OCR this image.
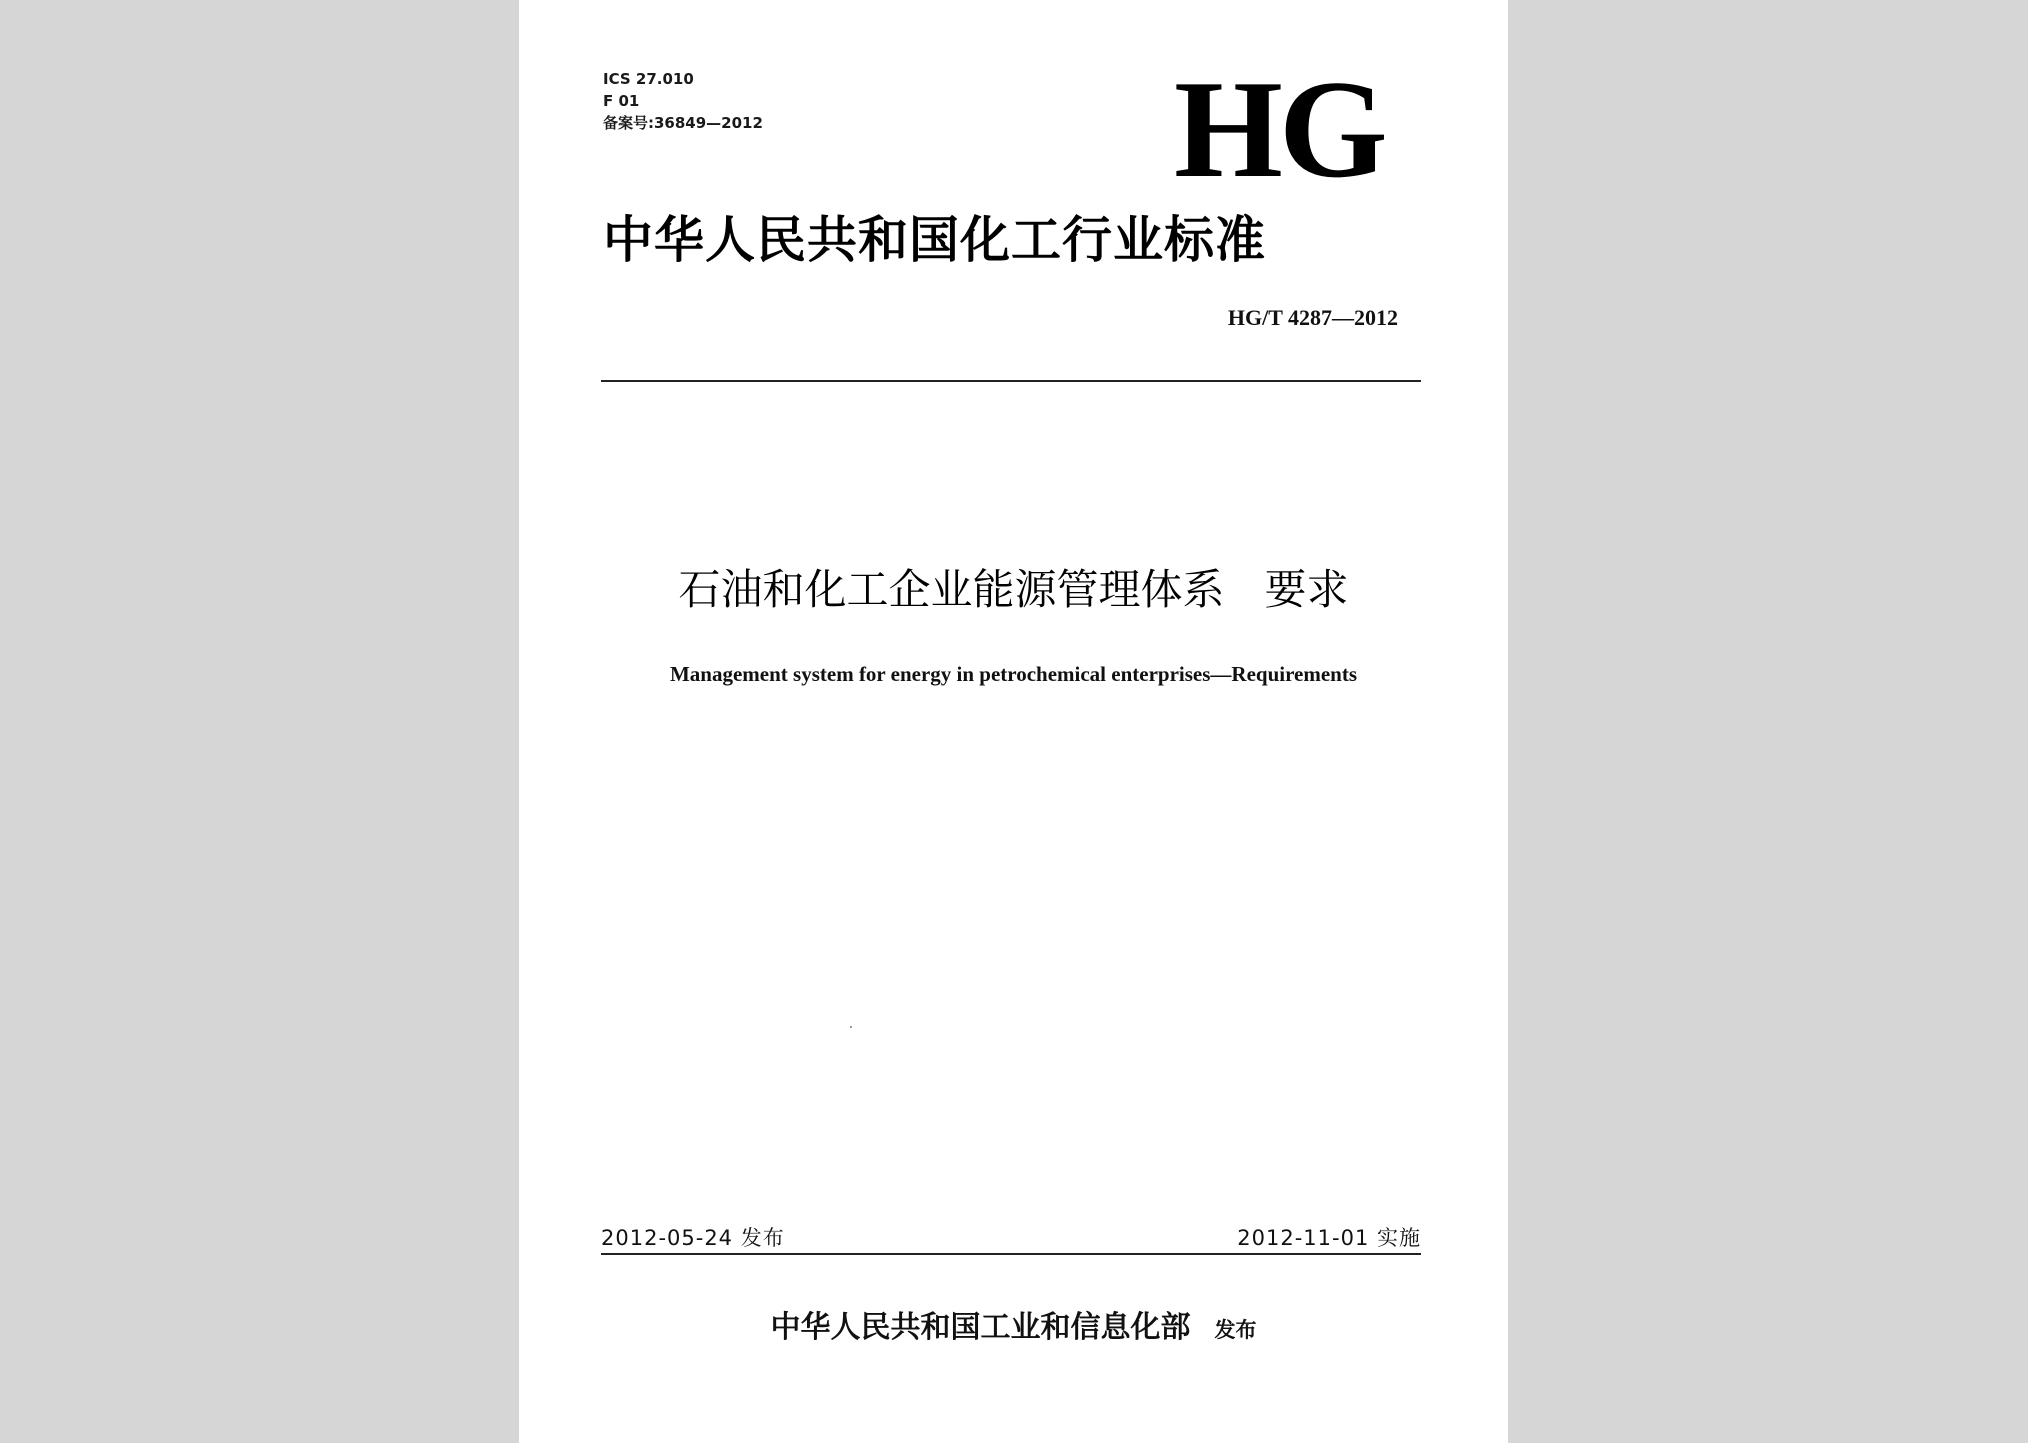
ICS 27.010
F 01
备案号:36849—2012	HG
中华人民共和国化工行业标准
HG/T 4287—2012
石油和化工企业能源管理体系   要求
Management system for energy in petrochemical enterprises—Requirements
2012-05-24 发布	2012-11-01 实施
中华人民共和国工业和信息化部 发布
